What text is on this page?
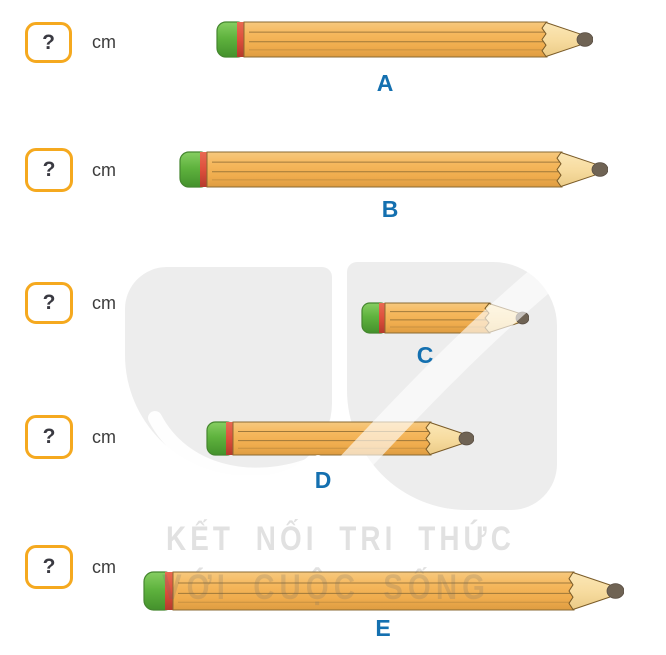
? cm
A
? cm
B
? cm
C
? cm
D
? cm
E
KẾT NỐI TRI THỨC
VỚI CUỘC SỐNG
